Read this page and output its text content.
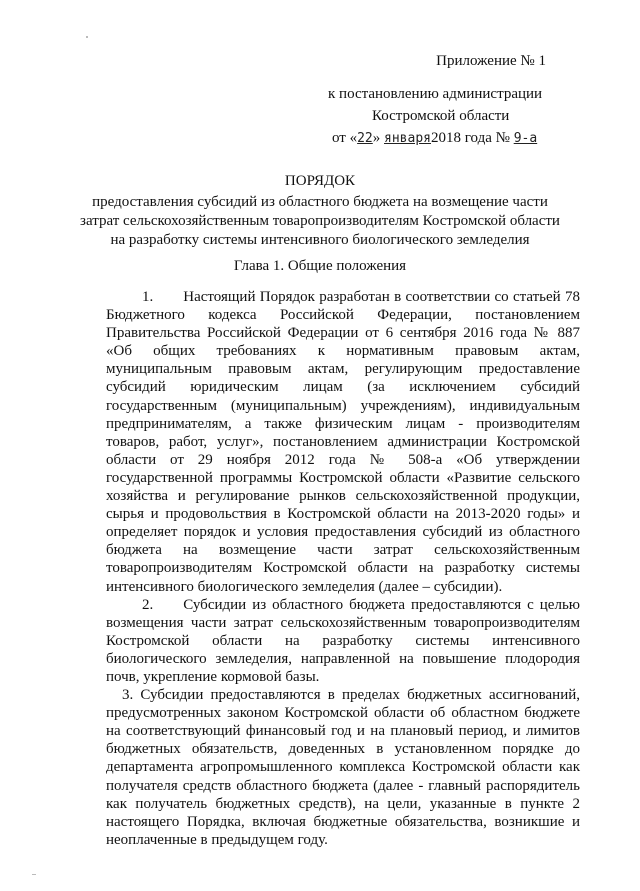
Приложение № 1
к постановлению администрации
Костромской области
от «22» января2018 года № 9-а
ПОРЯДОК
предоставления субсидий из областного бюджета на возмещение части
затрат сельскохозяйственным товаропроизводителям Костромской области
на разработку системы интенсивного биологического земледелия
Глава 1. Общие положения

1.  Настоящий Порядок разработан в соответствии со статьей 78 Бюджетного кодекса Российской Федерации, постановлением Правительства Российской Федерации от 6 сентября 2016 года № 887 «Об общих требованиях к нормативным правовым актам, муниципальным правовым актам, регулирующим предоставление субсидий юридическим лицам (за исключением субсидий государственным (муниципальным) учреждениям), индивидуальным предпринимателям, а также физическим лицам - производителям товаров, работ, услуг», постановлением администрации Костромской области от 29 ноября 2012 года № 508-а «Об утверждении государственной программы Костромской области «Развитие сельского хозяйства и регулирование рынков сельскохозяйственной продукции, сырья и продовольствия в Костромской области на 2013-2020 годы» и определяет порядок и условия предоставления субсидий из областного бюджета на возмещение части затрат сельскохозяйственным товаропроизводителям Костромской области на разработку системы интенсивного биологического земледелия (далее – субсидии).

2.  Субсидии из областного бюджета предоставляются с целью возмещения части затрат сельскохозяйственным товаропроизводителям Костромской области на разработку системы интенсивного биологического земледелия, направленной на повышение плодородия почв, укрепление кормовой базы.

3. Субсидии предоставляются в пределах бюджетных ассигнований, предусмотренных законом Костромской области об областном бюджете на соответствующий финансовый год и на плановый период, и лимитов бюджетных обязательств, доведенных в установленном порядке до департамента агропромышленного комплекса Костромской области как получателя средств областного бюджета (далее - главный распорядитель как получатель бюджетных средств), на цели, указанные в пункте 2 настоящего Порядка, включая бюджетные обязательства, возникшие и неоплаченные в предыдущем году.
